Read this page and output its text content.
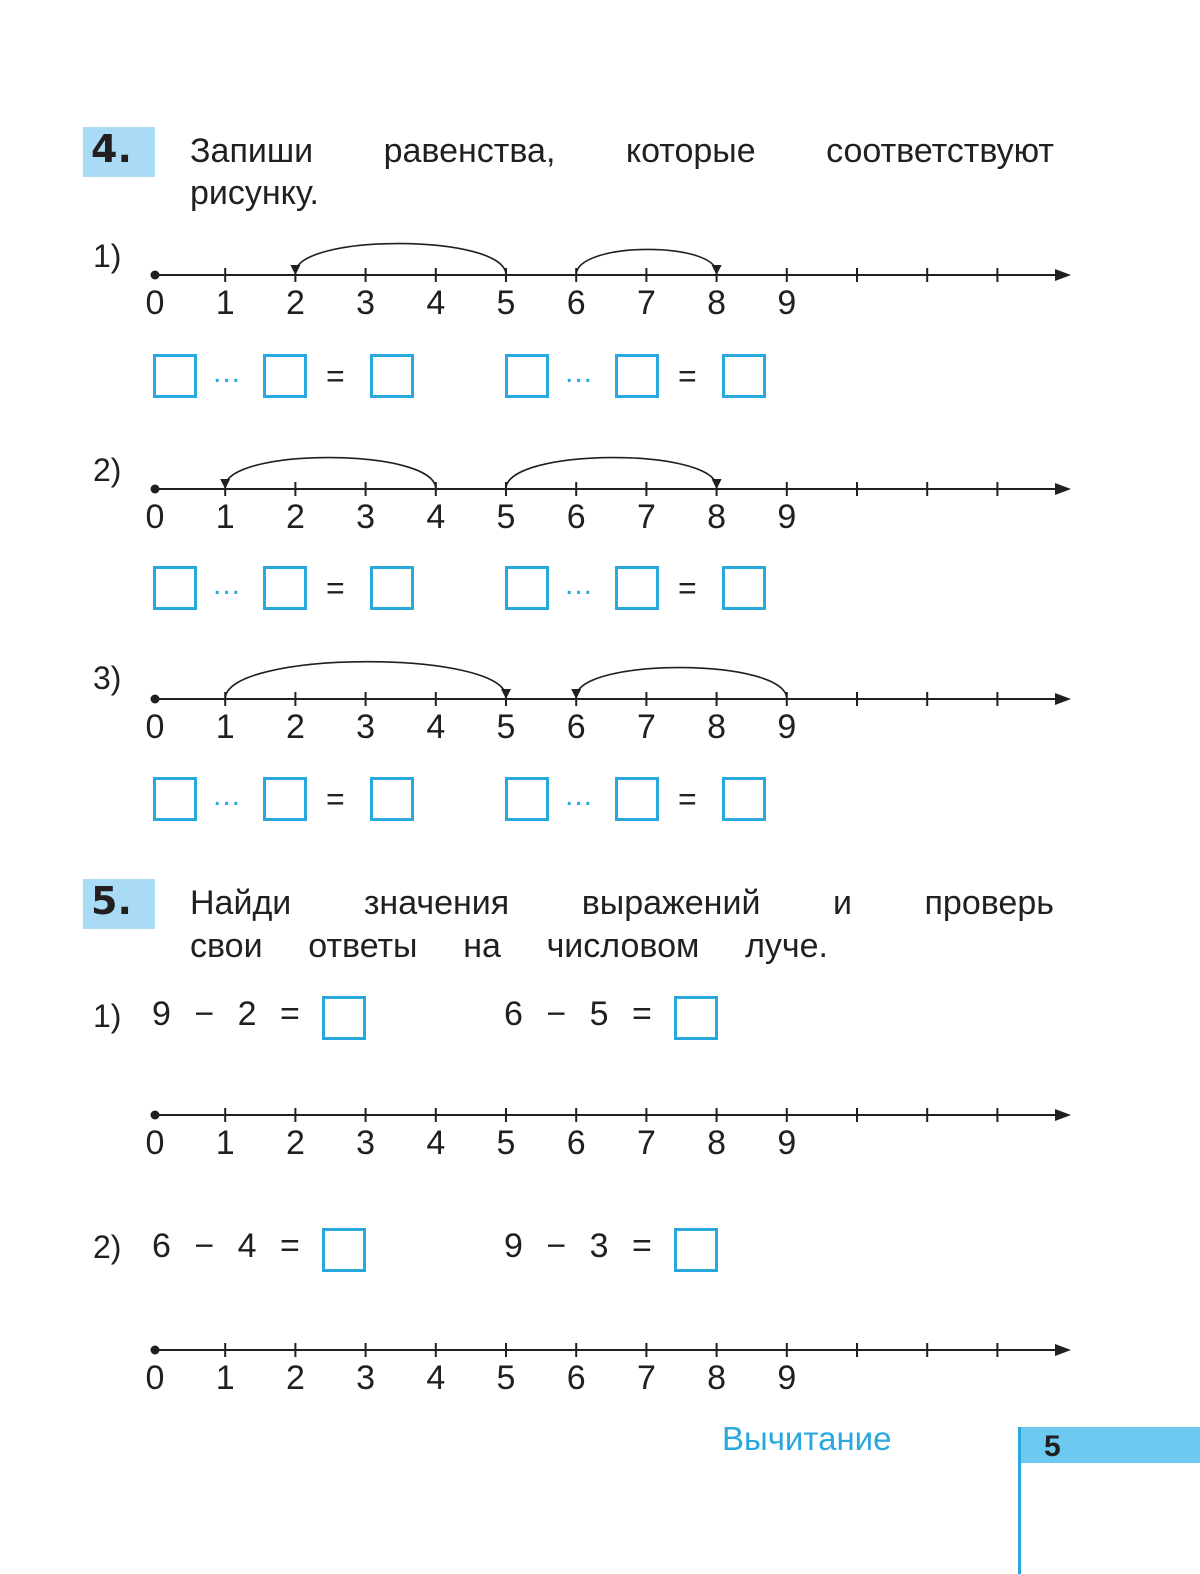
4. Запиши равенства, которые соответствуют
рисунку.
1)
0 1 2 3 4 5 6 7 8 9
...	=	...	=
2)
0 1 2 3 4 5 6 7 8 9
...	=	...	=
3)
0 1 2 3 4 5 6 7 8 9
...	=	...	=
5. Найди значения выражений и проверь
свои ответы на числовом луче.
1) 9 − 2 =	6 − 5 =
0 1 2 3 4 5 6 7 8 9
2) 6 − 4 =	9 − 3 =
0 1 2 3 4 5 6 7 8 9
Вычитание	5
